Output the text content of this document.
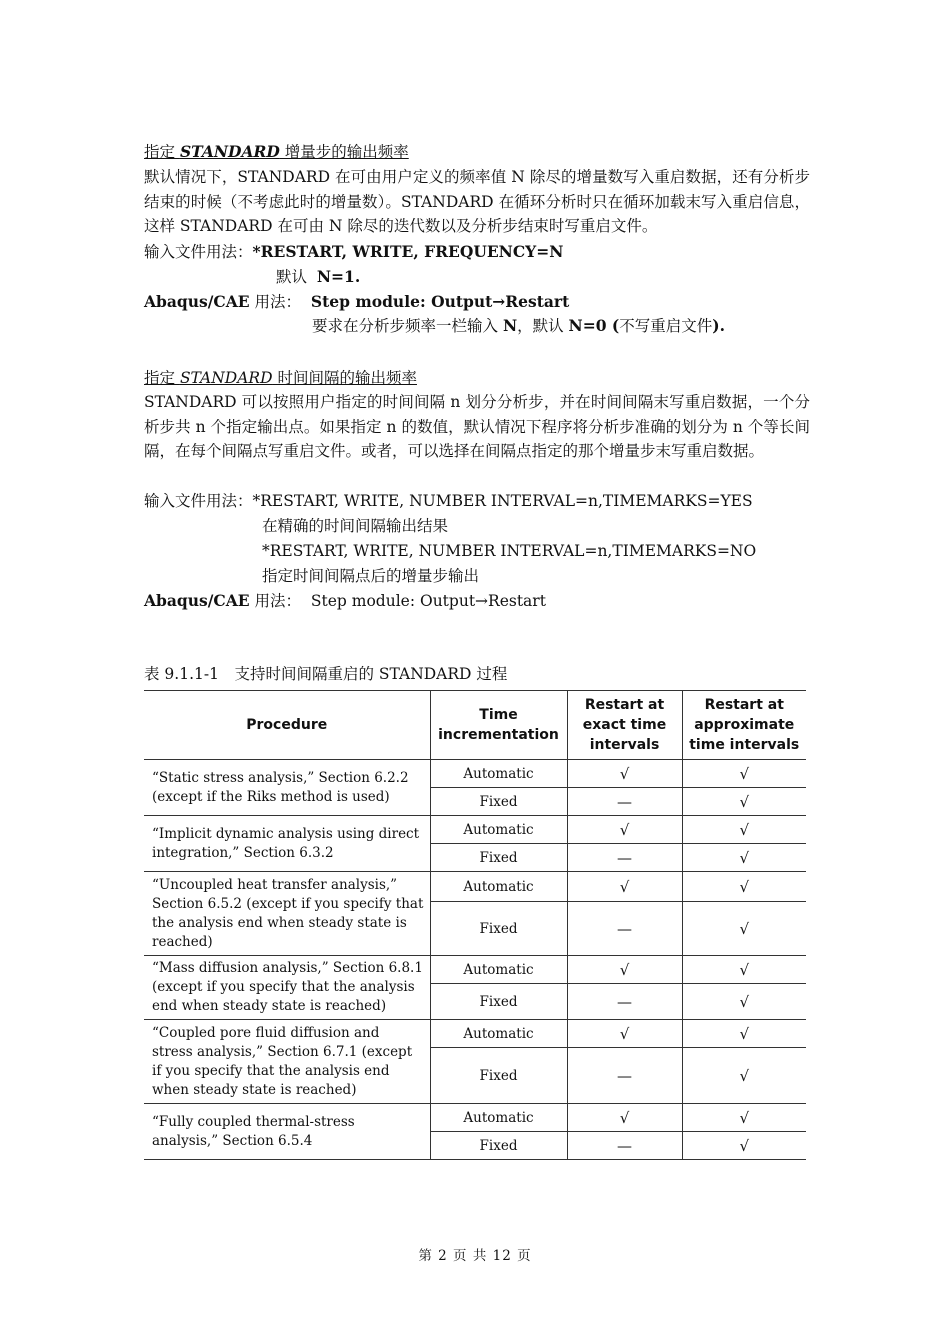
指定 STANDARD 增量步的输出频率
默认情况下，STANDARD 在可由用户定义的频率值 N 除尽的增量数写入重启数据，还有分析步结束的时候（不考虑此时的增量数）。STANDARD 在循环分析时只在循环加载末写入重启信息，这样 STANDARD 在可由 N 除尽的迭代数以及分析步结束时写重启文件。
输入文件用法：*RESTART, WRITE, FREQUENCY=N
默认 N=1.
Abaqus/CAE 用法： Step module: Output→Restart
要求在分析步频率一栏输入 N，默认 N=0 (不写重启文件).
指定 STANDARD 时间间隔的输出频率
STANDARD 可以按照用户指定的时间间隔 n 划分分析步，并在时间间隔末写重启数据，一个分析步共 n 个指定输出点。如果指定 n 的数值，默认情况下程序将分析步准确的划分为 n 个等长间隔，在每个间隔点写重启文件。或者，可以选择在间隔点指定的那个增量步末写重启数据。
输入文件用法：*RESTART, WRITE, NUMBER INTERVAL=n,TIMEMARKS=YES
在精确的时间间隔输出结果
*RESTART, WRITE, NUMBER INTERVAL=n,TIMEMARKS=NO
指定时间间隔点后的增量步输出
Abaqus/CAE 用法： Step module: Output→Restart
表 9.1.1-1　支持时间间隔重启的 STANDARD 过程
Procedure	Time incrementation	Restart at exact time intervals	Restart at approximate time intervals
“Static stress analysis,” Section 6.2.2 (except if the Riks method is used)	Automatic	√	√
	Fixed	—	√
“Implicit dynamic analysis using direct integration,” Section 6.3.2	Automatic	√	√
	Fixed	—	√
“Uncoupled heat transfer analysis,” Section 6.5.2 (except if you specify that the analysis end when steady state is reached)	Automatic	√	√
	Fixed	—	√
“Mass diffusion analysis,” Section 6.8.1 (except if you specify that the analysis end when steady state is reached)	Automatic	√	√
	Fixed	—	√
“Coupled pore fluid diffusion and stress analysis,” Section 6.7.1 (except if you specify that the analysis end when steady state is reached)	Automatic	√	√
	Fixed	—	√
“Fully coupled thermal-stress analysis,” Section 6.5.4	Automatic	√	√
	Fixed	—	√
第 2 页 共 12 页
